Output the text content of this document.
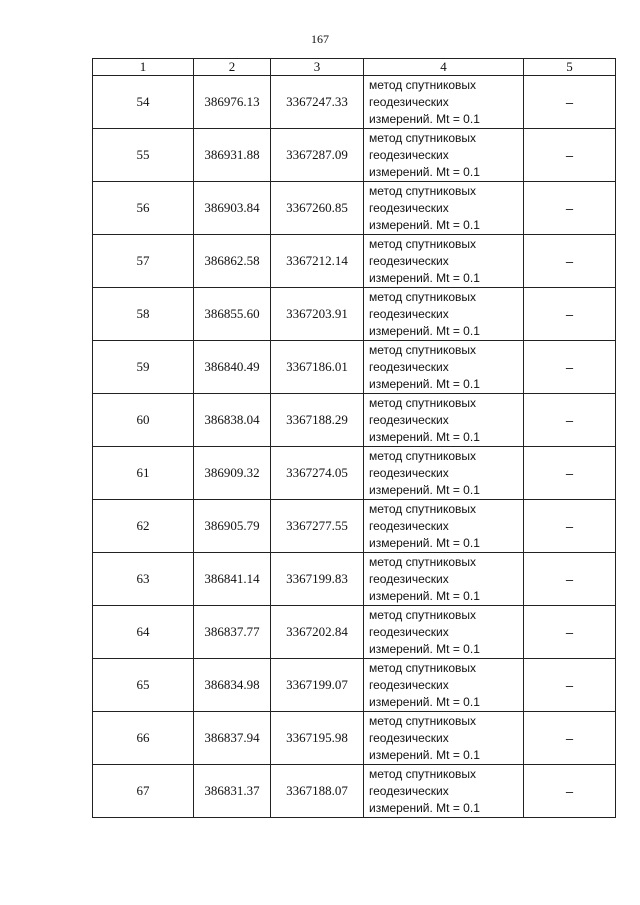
167
1	2	3	4	5
54	386976.13	3367247.33	метод спутниковых
геодезических
измерений. Mt = 0.1	–
55	386931.88	3367287.09	метод спутниковых
геодезических
измерений. Mt = 0.1	–
56	386903.84	3367260.85	метод спутниковых
геодезических
измерений. Mt = 0.1	–
57	386862.58	3367212.14	метод спутниковых
геодезических
измерений. Mt = 0.1	–
58	386855.60	3367203.91	метод спутниковых
геодезических
измерений. Mt = 0.1	–
59	386840.49	3367186.01	метод спутниковых
геодезических
измерений. Mt = 0.1	–
60	386838.04	3367188.29	метод спутниковых
геодезических
измерений. Mt = 0.1	–
61	386909.32	3367274.05	метод спутниковых
геодезических
измерений. Mt = 0.1	–
62	386905.79	3367277.55	метод спутниковых
геодезических
измерений. Mt = 0.1	–
63	386841.14	3367199.83	метод спутниковых
геодезических
измерений. Mt = 0.1	–
64	386837.77	3367202.84	метод спутниковых
геодезических
измерений. Mt = 0.1	–
65	386834.98	3367199.07	метод спутниковых
геодезических
измерений. Mt = 0.1	–
66	386837.94	3367195.98	метод спутниковых
геодезических
измерений. Mt = 0.1	–
67	386831.37	3367188.07	метод спутниковых
геодезических
измерений. Mt = 0.1	–
